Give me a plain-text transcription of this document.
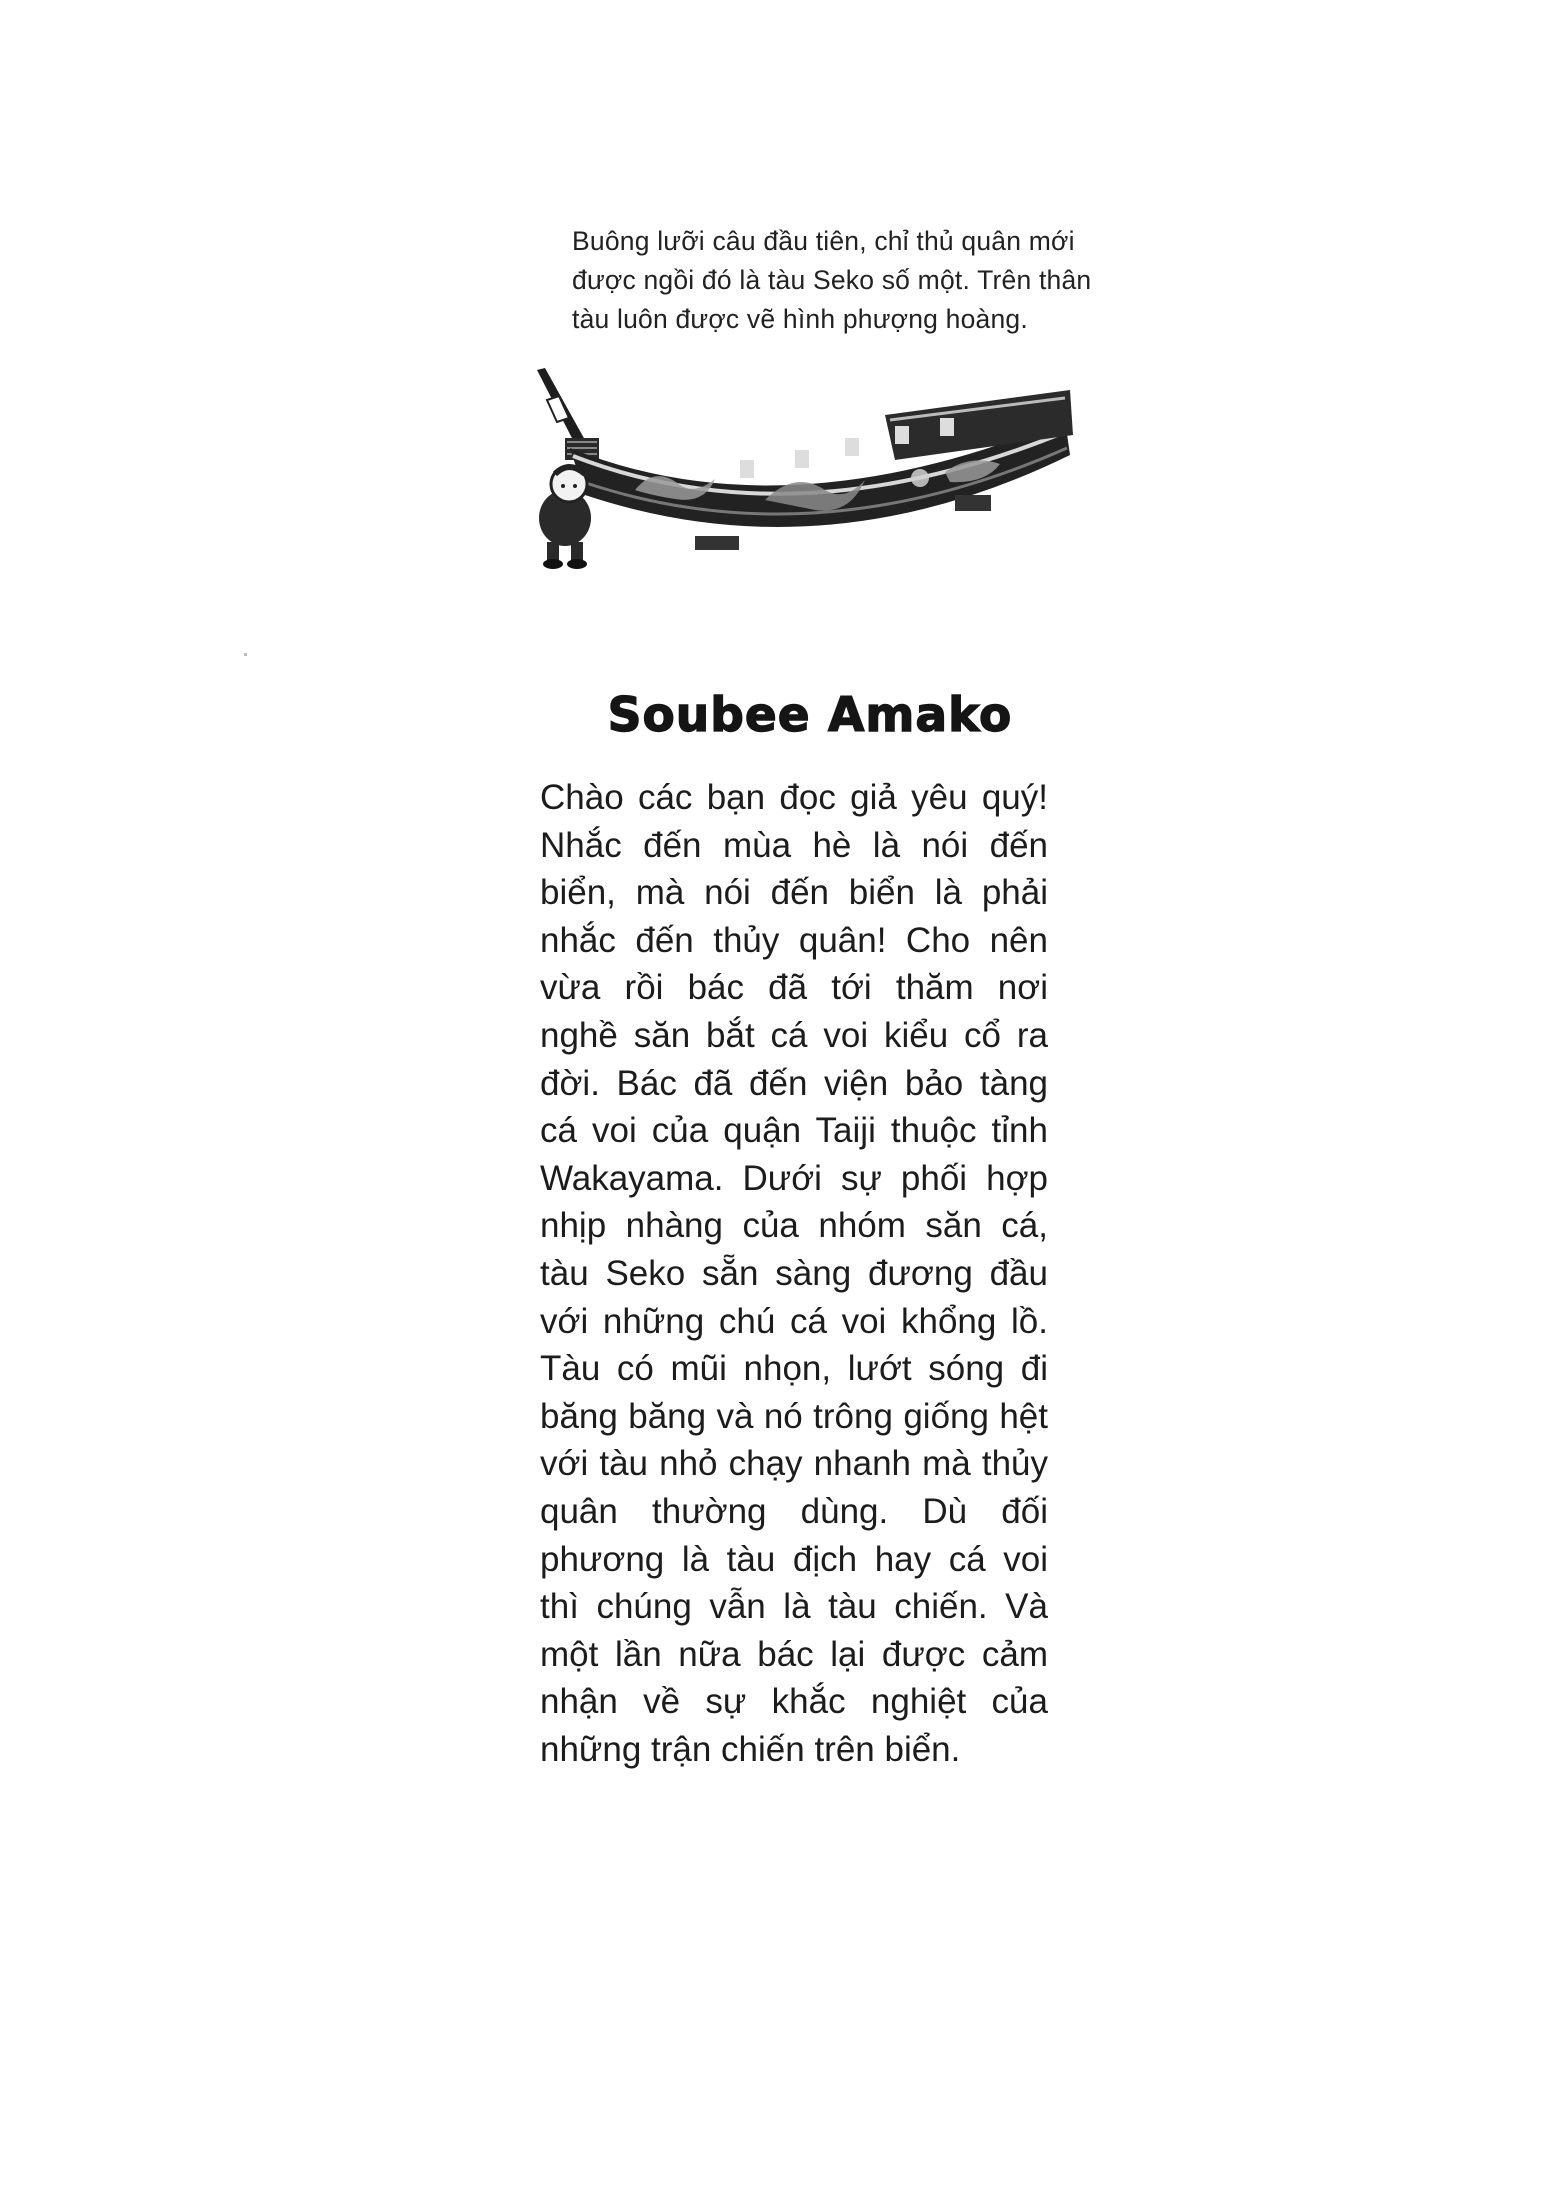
Buông lưỡi câu đầu tiên, chỉ thủ quân mới được ngồi đó là tàu Seko số một. Trên thân tàu luôn được vẽ hình phượng hoàng.

Soubee Amako

Chào các bạn đọc giả yêu quý! Nhắc đến mùa hè là nói đến biển, mà nói đến biển là phải nhắc đến thủy quân! Cho nên vừa rồi bác đã tới thăm nơi nghề săn bắt cá voi kiểu cổ ra đời. Bác đã đến viện bảo tàng cá voi của quận Taiji thuộc tỉnh Wakayama. Dưới sự phối hợp nhịp nhàng của nhóm săn cá, tàu Seko sẵn sàng đương đầu với những chú cá voi khổng lồ. Tàu có mũi nhọn, lướt sóng đi băng băng và nó trông giống hệt với tàu nhỏ chạy nhanh mà thủy quân thường dùng. Dù đối phương là tàu địch hay cá voi thì chúng vẫn là tàu chiến. Và một lần nữa bác lại được cảm nhận về sự khắc nghiệt của những trận chiến trên biển.
